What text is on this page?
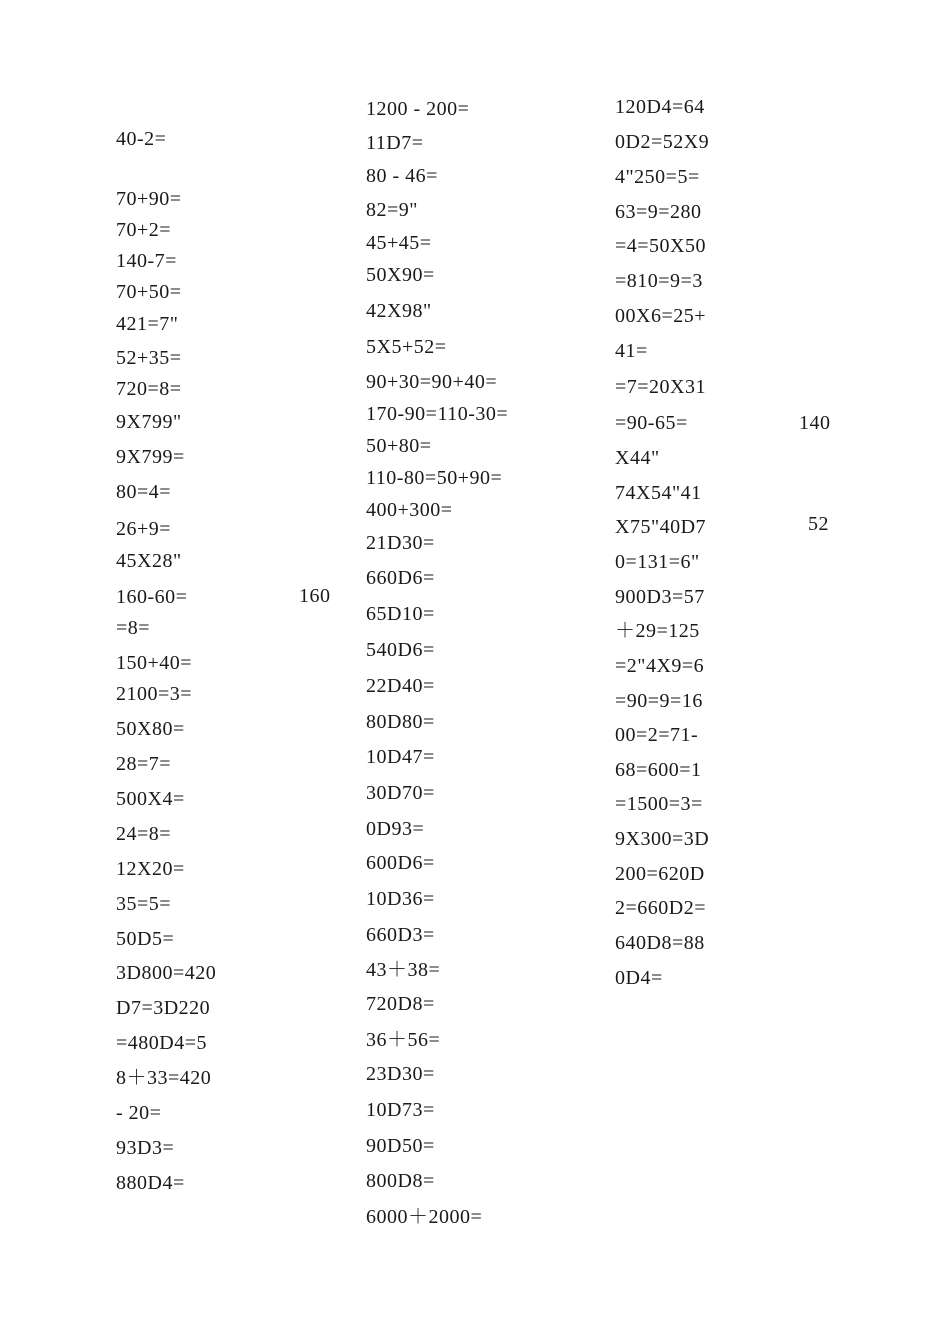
40-2=
70+90=
70+2=
140-7=
70+50=
421=7"
52+35=
720=8=
9X799"
9X799=
80=4=
26+9=
45X28"
160-60=
=8=
150+40=
2100=3=
50X80=
28=7=
500X4=
24=8=
12X20=
35=5=
50D5=
3D800=420
D7=3D220
=480D4=5
8＋33=420
- 20=
93D3=
880D4=
1200 - 200=
11D7=
80 - 46=
82=9"
45+45=
50X90=
42X98"
5X5+52=
90+30=90+40=
170-90=110-30=
50+80=
110-80=50+90=
400+300=
21D30=
660D6=
65D10=
540D6=
22D40=
80D80=
10D47=
30D70=
0D93=
600D6=
10D36=
660D3=
43＋38=
720D8=
36＋56=
23D30=
10D73=
90D50=
800D8=
6000＋2000=
120D4=64
0D2=52X9
4"250=5=
63=9=280
=4=50X50
=810=9=3
00X6=25+
41=
=7=20X31
=90-65=
X44"
74X54"41
X75"40D7
0=131=6"
900D3=57
＋29=125
=2"4X9=6
=90=9=16
00=2=71-
68=600=1
=1500=3=
9X300=3D
200=620D
2=660D2=
640D8=88
0D4=
160
140
52
